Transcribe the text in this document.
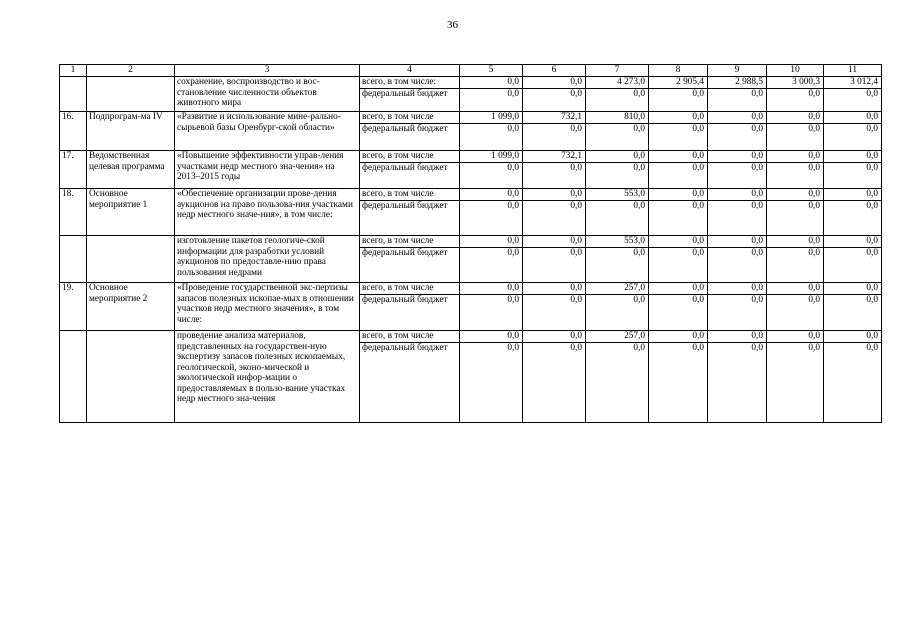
36
1	2	3	4	5	6	7	8	9	10	11
		сохранение, воспроизводство и вос-становление численности объектов животного мира	всего, в том числе:	0,0	0,0	4 273,0	2 905,4	2 988,5	3 000,3	3 012,4
			федеральный бюджет	0,0	0,0	0,0	0,0	0,0	0,0	0,0
16.	Подпрограм-ма IV	«Развитие и использование мине-рально-сырьевой базы Оренбург-ской области»	всего, в том числе	1 099,0	732,1	810,0	0,0	0,0	0,0	0,0
			федеральный бюджет	0,0	0,0	0,0	0,0	0,0	0,0	0,0
17.	Ведомственная целевая программа	«Повышение эффективности управ-ления участками недр местного зна-чения» на 2013–2015 годы	всего, в том числе	1 099,0	732,1	0,0	0,0	0,0	0,0	0,0
			федеральный бюджет	0,0	0,0	0,0	0,0	0,0	0,0	0,0
18.	Основное мероприятие 1	«Обеспечение организации прове-дения аукционов на право пользова-ния участками недр местного значе-ния», в том числе:	всего, в том числе	0,0	0,0	553,0	0,0	0,0	0,0	0,0
			федеральный бюджет	0,0	0,0	0,0	0,0	0,0	0,0	0,0
		изготовление пакетов геологиче-ской информации для разработки условий аукционов по предоставле-нию права пользования недрами	всего, в том числе	0,0	0,0	553,0	0,0	0,0	0,0	0,0
			федеральный бюджет	0,0	0,0	0,0	0,0	0,0	0,0	0,0
19.	Основное мероприятие 2	«Проведение государственной экс-пертизы запасов полезных ископае-мых в отношении участков недр местного значения», в том числе:	всего, в том числе	0,0	0,0	257,0	0,0	0,0	0,0	0,0
			федеральный бюджет	0,0	0,0	0,0	0,0	0,0	0,0	0,0
		проведение анализа материалов, представленных на государствен-ную экспертизу запасов полезных ископаемых, геологической, эконо-мической и экологической инфор-мации о предоставляемых в пользо-вание участках недр местного зна-чения	всего, в том числе	0,0	0,0	257,0	0,0	0,0	0,0	0,0
			федеральный бюджет	0,0	0,0	0,0	0,0	0,0	0,0	0,0
